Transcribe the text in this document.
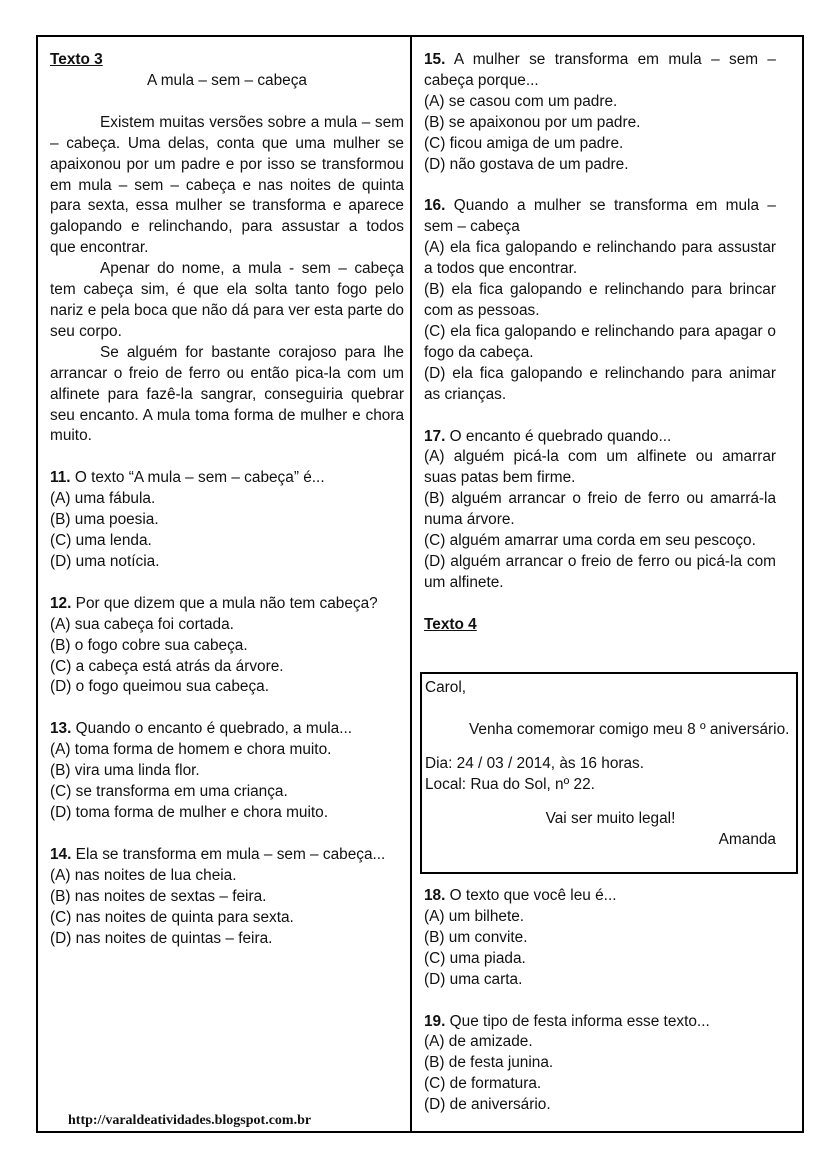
Texto 3
A mula – sem – cabeça
Existem muitas versões sobre a mula – sem – cabeça. Uma delas, conta que uma mulher se apaixonou por um padre e por isso se transformou em mula – sem – cabeça e nas noites de quinta para sexta, essa mulher se transforma e aparece galopando e relinchando, para assustar a todos que encontrar.
Apenar do nome, a mula - sem – cabeça tem cabeça sim, é que ela solta tanto fogo pelo nariz e pela boca que não dá para ver esta parte do seu corpo.
Se alguém for bastante corajoso para lhe arrancar o freio de ferro ou então pica-la com um alfinete para fazê-la sangrar, conseguiria quebrar seu encanto. A mula toma forma de mulher e chora muito.
11. O texto “A mula – sem – cabeça” é...
(A) uma fábula.
(B) uma poesia.
(C) uma lenda.
(D) uma notícia.
12. Por que dizem que a mula não tem cabeça?
(A) sua cabeça foi cortada.
(B) o fogo cobre sua cabeça.
(C) a cabeça está atrás da árvore.
(D) o fogo queimou sua cabeça.
13. Quando o encanto é quebrado, a mula...
(A) toma forma de homem e chora muito.
(B) vira uma linda flor.
(C) se transforma em uma criança.
(D) toma forma de mulher e chora muito.
14. Ela se transforma em mula – sem – cabeça...
(A) nas noites de lua cheia.
(B) nas noites de sextas – feira.
(C) nas noites de quinta para sexta.
(D) nas noites de quintas – feira.
15. A mulher se transforma em mula – sem – cabeça porque...
(A) se casou com um padre.
(B) se apaixonou por um padre.
(C) ficou amiga de um padre.
(D) não gostava de um padre.
16. Quando a mulher se transforma em mula – sem – cabeça
(A) ela fica galopando e relinchando para assustar a todos que encontrar.
(B) ela fica galopando e relinchando para brincar com as pessoas.
(C) ela fica galopando e relinchando para apagar o fogo da cabeça.
(D) ela fica galopando e relinchando para animar as crianças.
17. O encanto é quebrado quando...
(A) alguém picá-la com um alfinete ou amarrar suas patas bem firme.
(B) alguém arrancar o freio de ferro ou amarrá-la numa árvore.
(C) alguém amarrar uma corda em seu pescoço.
(D) alguém arrancar o freio de ferro ou picá-la com um alfinete.
Texto 4
Carol,
Venha comemorar comigo meu 8 º aniversário.
Dia: 24 / 03 / 2014, às 16 horas.
Local: Rua do Sol, nº 22.
Vai ser muito legal!
Amanda
18. O texto que você leu é...
(A) um bilhete.
(B) um convite.
(C) uma piada.
(D) uma carta.
19. Que tipo de festa informa esse texto...
(A) de amizade.
(B) de festa junina.
(C) de formatura.
(D) de aniversário.
http://varaldeatividades.blogspot.com.br
